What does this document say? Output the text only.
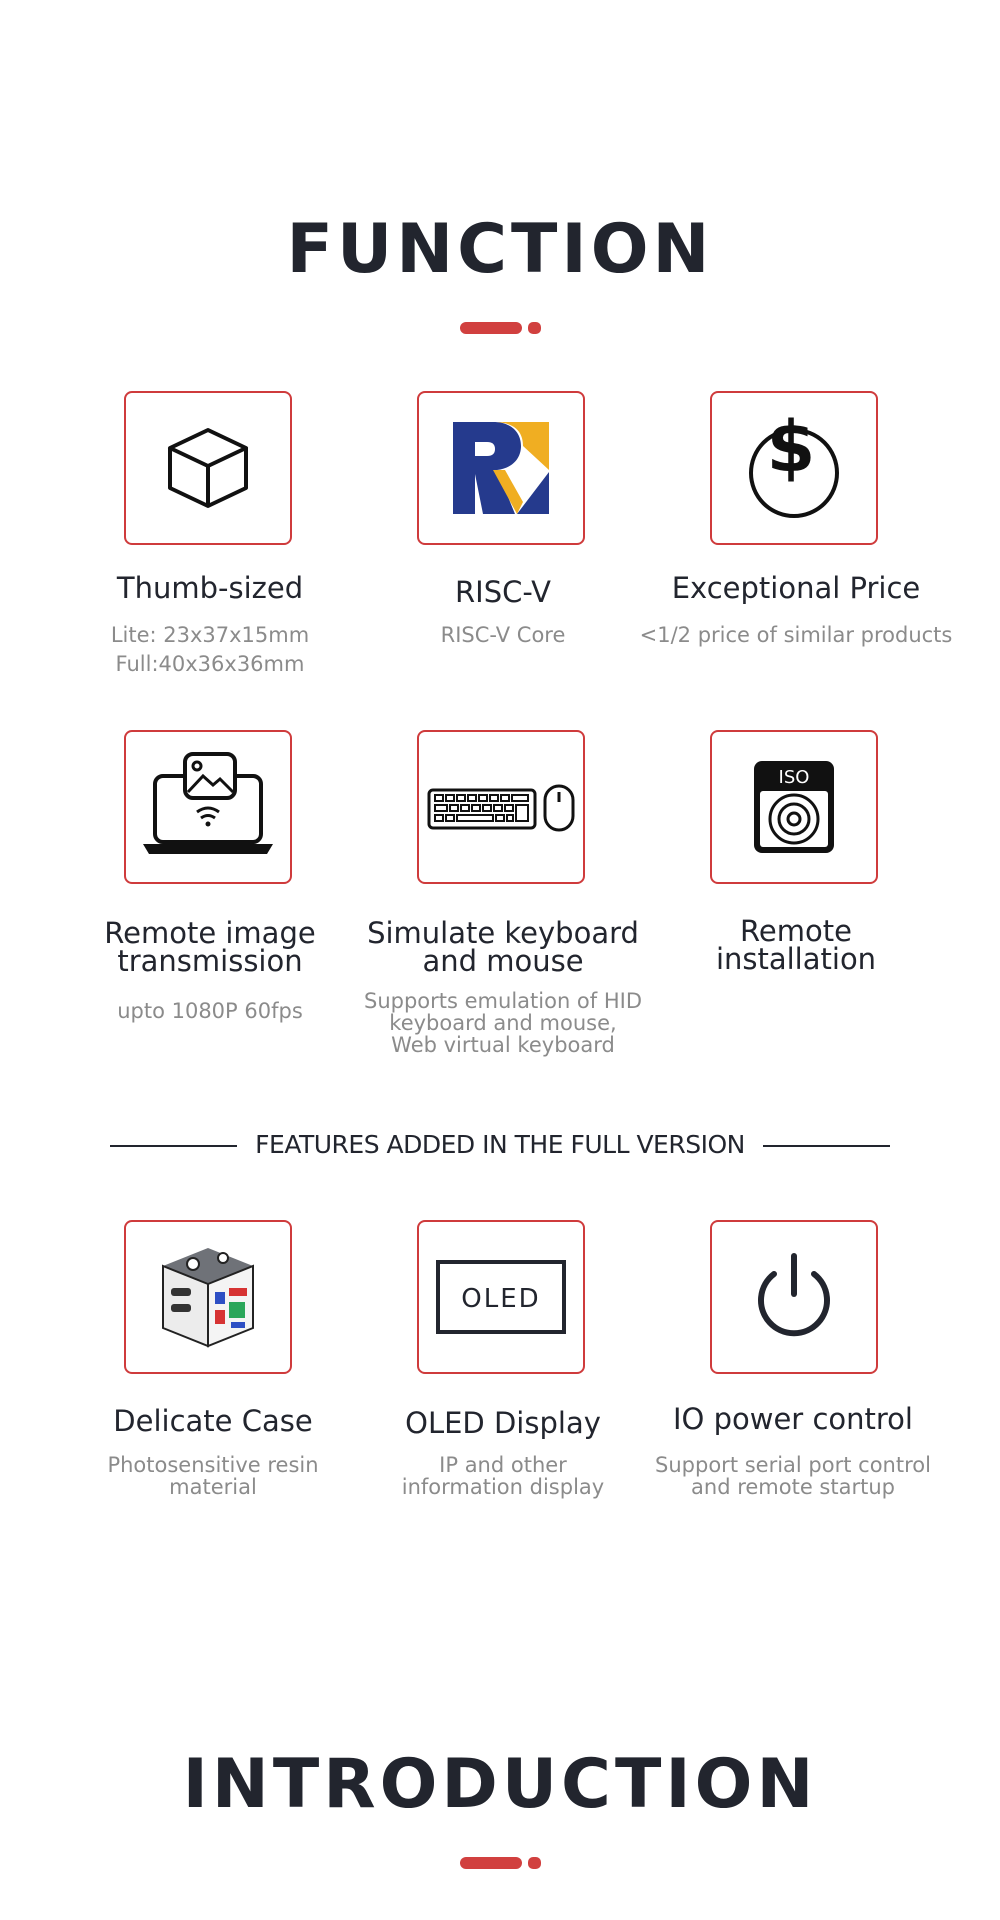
FUNCTION

Thumb-sized

Lite: 23x37x15mm

Full:40x36x36mm

RISC-V

RISC-V Core

$

Exceptional Price

<1/2 price of similar products

Remote image

transmission

upto 1080P 60fps

Simulate keyboard

and mouse

Supports emulation of HID

keyboard and mouse,

Web virtual keyboard

ISO

Remote

installation

FEATURES ADDED IN THE FULL VERSION

Delicate Case

Photosensitive resin

material

OLED

OLED Display

IP and other

information display

IO power control

Support serial port control

and remote startup

INTRODUCTION
